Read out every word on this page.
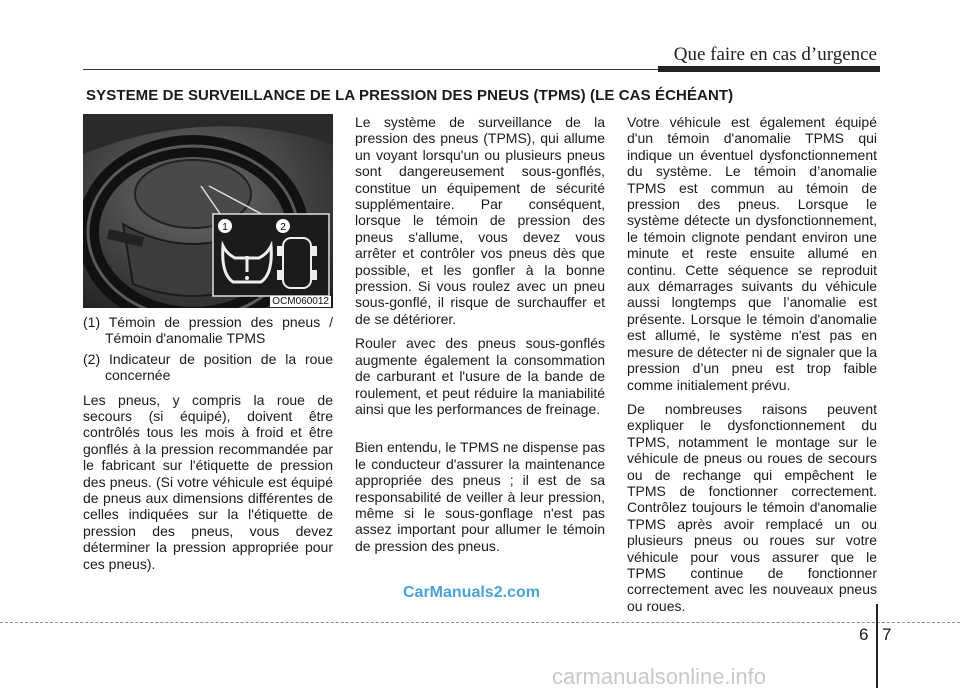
Que faire en cas d’urgence
SYSTEME DE SURVEILLANCE DE LA PRESSION DES PNEUS (TPMS) (LE CAS ÉCHÉANT)
1	2
OCM060012

(1) Témoin de pression des pneus / Témoin d'anomalie TPMS

(2) Indicateur de position de la roue concernée

Les pneus, y compris la roue de secours (si équipé), doivent être contrôlés tous les mois à froid et être gonflés à la pression recommandée par le fabricant sur l'étiquette de pression des pneus. (Si votre véhicule est équipé de pneus aux dimensions différentes de celles indiquées sur la l'étiquette de pression des pneus, vous devez déterminer la pression appropriée pour ces pneus).

Le système de surveillance de la pression des pneus (TPMS), qui allume un voyant lorsqu'un ou plusieurs pneus sont dangereusement sous-gonflés, constitue un équipement de sécurité supplémentaire. Par conséquent, lorsque le témoin de pression des pneus s'allume, vous devez vous arrêter et contrôler vos pneus dès que possible, et les gonfler à la bonne pression. Si vous roulez avec un pneu sous-gonflé, il risque de surchauffer et de se détériorer.

Rouler avec des pneus sous-gonflés augmente également la consommation de carburant et l'usure de la bande de roulement, et peut réduire la maniabilité ainsi que les performances de freinage.

Bien entendu, le TPMS ne dispense pas le conducteur d'assurer la maintenance appropriée des pneus ; il est de sa responsabilité de veiller à leur pression, même si le sous-gonflage n'est pas assez important pour allumer le témoin de pression des pneus.

Votre véhicule est également équipé d'un témoin d'anomalie TPMS qui indique un éventuel dysfonctionnement du système. Le témoin d’anomalie TPMS est commun au témoin de pression des pneus. Lorsque le système détecte un dysfonctionnement, le témoin clignote pendant environ une minute et reste ensuite allumé en continu. Cette séquence se reproduit aux démarrages suivants du véhicule aussi longtemps que l’anomalie est présente. Lorsque le témoin d'anomalie est allumé, le système n'est pas en mesure de détecter ni de signaler que la pression d’un pneu est trop faible comme initialement prévu.

De nombreuses raisons peuvent expliquer le dysfonctionnement du TPMS, notamment le montage sur le véhicule de pneus ou roues de secours ou de rechange qui empêchent le TPMS de fonctionner correctement. Contrôlez toujours le témoin d'anomalie TPMS après avoir remplacé un ou plusieurs pneus ou roues sur votre véhicule pour vous assurer que le TPMS continue de fonctionner correctement avec les nouveaux pneus ou roues.

CarManuals2.com
6 7
carmanualsonline.info
